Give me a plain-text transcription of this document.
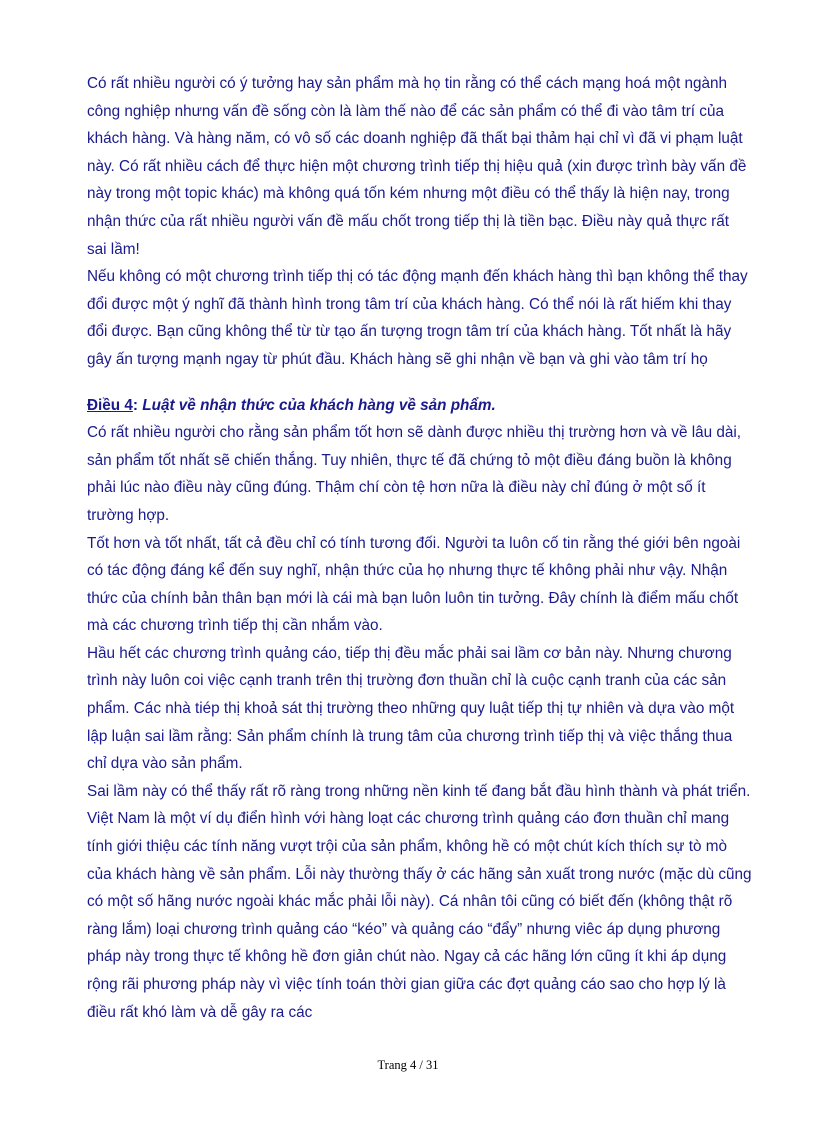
Có rất nhiều người có ý tưởng hay sản phẩm mà họ tin rằng có thể cách mạng hoá một ngành công nghiệp nhưng vấn đề sống còn là làm thế nào để các sản phẩm có thể đi vào tâm trí của khách hàng. Và hàng năm, có vô số các doanh nghiệp đã thất bại thảm hại chỉ vì đã vi phạm luật này. Có rất nhiều cách để thực hiện một chương trình tiếp thị hiệu quả (xin được trình bày vấn đề này trong một topic khác) mà không quá tốn kém nhưng một điều có thể thấy là hiện nay, trong nhận thức của rất nhiều người vấn đề mấu chốt trong tiếp thị là tiền bạc. Điều này quả thực rất sai lầm!

Nếu không có một chương trình tiếp thị có tác động mạnh đến khách hàng thì bạn không thể thay đổi được một ý nghĩ đã thành hình trong tâm trí của khách hàng. Có thể nói là rất hiếm khi thay đổi được. Bạn cũng không thể từ từ tạo ấn tượng trogn tâm trí của khách hàng. Tốt nhất là hãy gây ấn tượng mạnh ngay từ phút đầu. Khách hàng sẽ ghi nhận về bạn và ghi vào tâm trí họ

Điều 4: Luật về nhận thức của khách hàng về sản phẩm.

Có rất nhiều người cho rằng sản phẩm tốt hơn sẽ dành được nhiều thị trường hơn và về lâu dài, sản phẩm tốt nhất sẽ chiến thắng. Tuy nhiên, thực tế đã chứng tỏ một điều đáng buồn là không phải lúc nào điều này cũng đúng. Thậm chí còn tệ hơn nữa là điều này chỉ đúng ở một số ít trường hợp.

Tốt hơn và tốt nhất, tất cả đều chỉ có tính tương đối. Người ta luôn cố tin rằng thé giới bên ngoài có tác động đáng kể đến suy nghĩ, nhận thức của họ nhưng thực tế không phải như vậy. Nhận thức của chính bản thân bạn mới là cái mà bạn luôn luôn tin tưởng. Đây chính là điểm mấu chốt mà các chương trình tiếp thị cần nhắm vào.

Hầu hết các chương trình quảng cáo, tiếp thị đều mắc phải sai lầm cơ bản này. Nhưng chương trình này luôn coi việc cạnh tranh trên thị trường đơn thuần chỉ là cuộc cạnh tranh của các sản phẩm. Các nhà tiép thị khoả sát thị trường theo những quy luật tiếp thị tự nhiên và dựa vào một lập luận sai lầm rằng: Sản phẩm chính là trung tâm của chương trình tiếp thị và việc thắng thua chỉ dựa vào sản phẩm.

Sai lầm này có thể thấy rất rõ ràng trong những nền kinh tế đang bắt đầu hình thành và phát triển. Việt Nam là một ví dụ điển hình với hàng loạt các chương trình quảng cáo đơn thuần chỉ mang tính giới thiệu các tính năng vượt trội của sản phẩm, không hề có một chút kích thích sự tò mò của khách hàng về sản phẩm. Lỗi này thường thấy ở các hãng sản xuất trong nước (mặc dù cũng có một số hãng nước ngoài khác mắc phải lỗi này). Cá nhân tôi cũng có biết đến (không thật rõ ràng lắm) loại chương trình quảng cáo “kéo” và quảng cáo “đẩy” nhưng viêc áp dụng phương pháp này trong thực tế không hề đơn giản chút nào. Ngay cả các hãng lớn cũng ít khi áp dụng rộng rãi phương pháp này vì việc tính toán thời gian giữa các đợt quảng cáo sao cho hợp lý là điều rất khó làm và dễ gây ra các

Trang 4 / 31
